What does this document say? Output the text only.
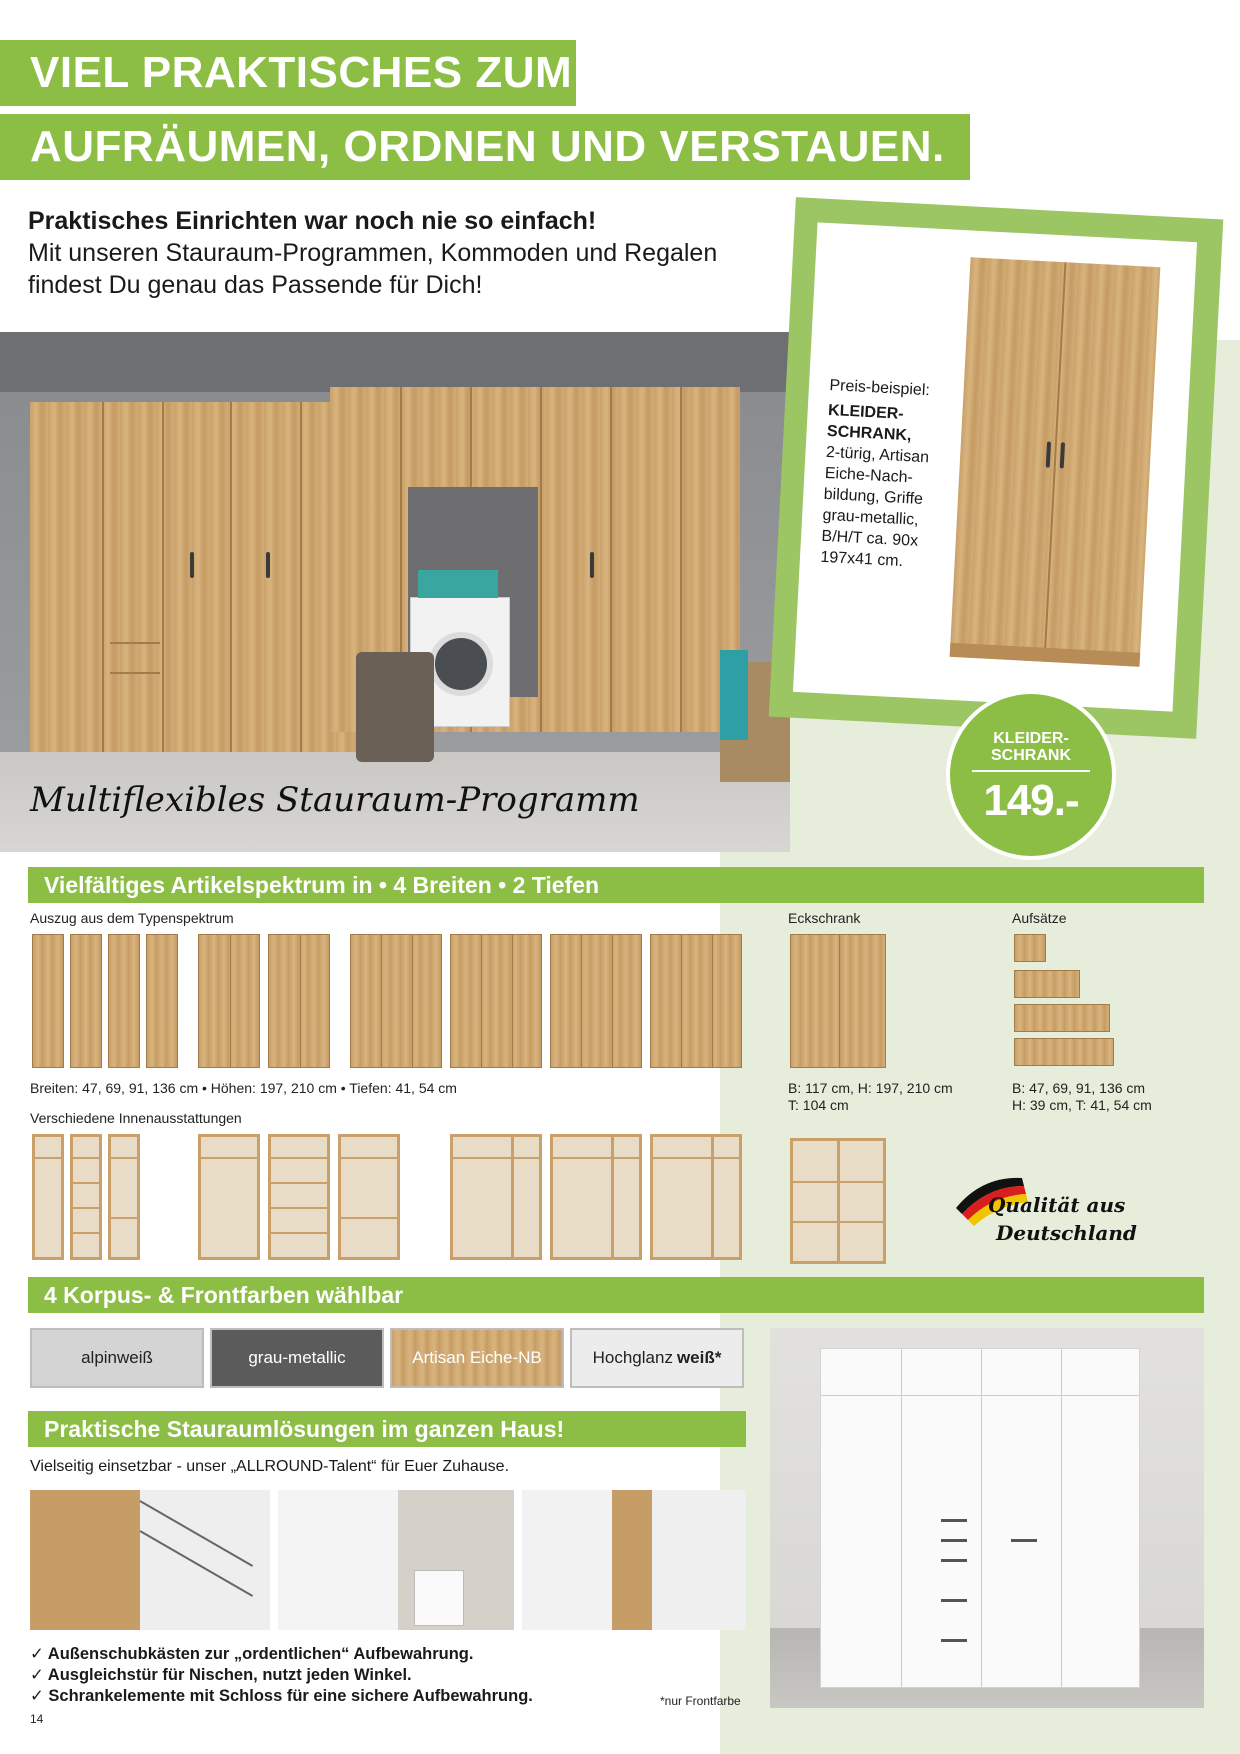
VIEL PRAKTISCHES ZUM
AUFRÄUMEN, ORDNEN UND VERSTAUEN.
Praktisches Einrichten war noch nie so einfach!
Mit unseren Stauraum-Programmen, Kommoden und Regalen findest Du genau das Passende für Dich!
Multiflexibles Stauraum-Programm
Preis-beispiel:
KLEIDER-SCHRANK,
2-türig, Artisan Eiche-Nach-bildung, Griffe grau-metallic, B/H/T ca. 90x 197x41 cm.
KLEIDER-
SCHRANK
149.-
Vielfältiges Artikelspektrum in • 4 Breiten • 2 Tiefen
Auszug aus dem Typenspektrum	Eckschrank	Aufsätze
Breiten: 47, 69, 91, 136 cm • Höhen: 197, 210 cm • Tiefen: 41, 54 cm	B: 117 cm, H: 197, 210 cm
T: 104 cm
B: 47, 69, 91, 136 cm
H: 39 cm, T: 41, 54 cm
Verschiedene Innenausstattungen
Qualität aus
Deutschland
4 Korpus- & Frontfarben wählbar
alpinweiß	grau-metallic	Artisan Eiche-NB	Hochglanz weiß*
Praktische Stauraumlösungen im ganzen Haus!
Vielseitig einsetzbar - unser „ALLROUND-Talent“ für Euer Zuhause.
✓ Außenschubkästen zur „ordentlichen“ Aufbewahrung.
✓ Ausgleichstür für Nischen, nutzt jeden Winkel.
✓ Schrankelemente mit Schloss für eine sichere Aufbewahrung.	*nur Frontfarbe
14
